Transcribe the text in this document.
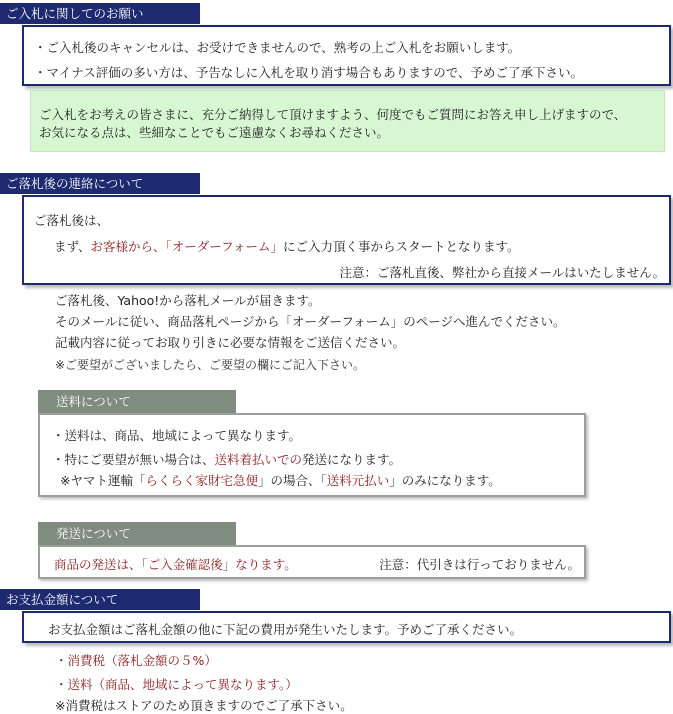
ご入札に関してのお願い
・ご入札後のキャンセルは、お受けできませんので、熟考の上ご入札をお願いします。
・マイナス評価の多い方は、予告なしに入札を取り消す場合もありますので、予めご了承下さい。
ご入札をお考えの皆さまに、充分ご納得して頂けますよう、何度でもご質問にお答え申し上げますので、
お気になる点は、些細なことでもご遠慮なくお尋ねください。
ご落札後の連絡について
ご落札後は、
まず、お客様から、「オーダーフォーム」にご入力頂く事からスタートとなります。
注意：ご落札直後、弊社から直接メールはいたしません。
ご落札後、Yahoo!から落札メールが届きます。
そのメールに従い、商品落札ページから「オーダーフォーム」のページへ進んでください。
記載内容に従ってお取り引きに必要な情報をご送信ください。
※ご要望がございましたら、ご要望の欄にご記入下さい。
送料について
・送料は、商品、地域によって異なります。
・特にご要望が無い場合は、送料着払いでの発送になります。
※ヤマト運輸「らくらく家財宅急便」の場合、「送料元払い」のみになります。
発送について
商品の発送は、「ご入金確認後」なります。	注意：代引きは行っておりません。
お支払金額について
お支払金額はご落札金額の他に下記の費用が発生いたします。予めご了承ください。
・消費税（落札金額の５%）
・送料（商品、地域によって異なります。）
※消費税はストアのため頂きますのでご了承下さい。
